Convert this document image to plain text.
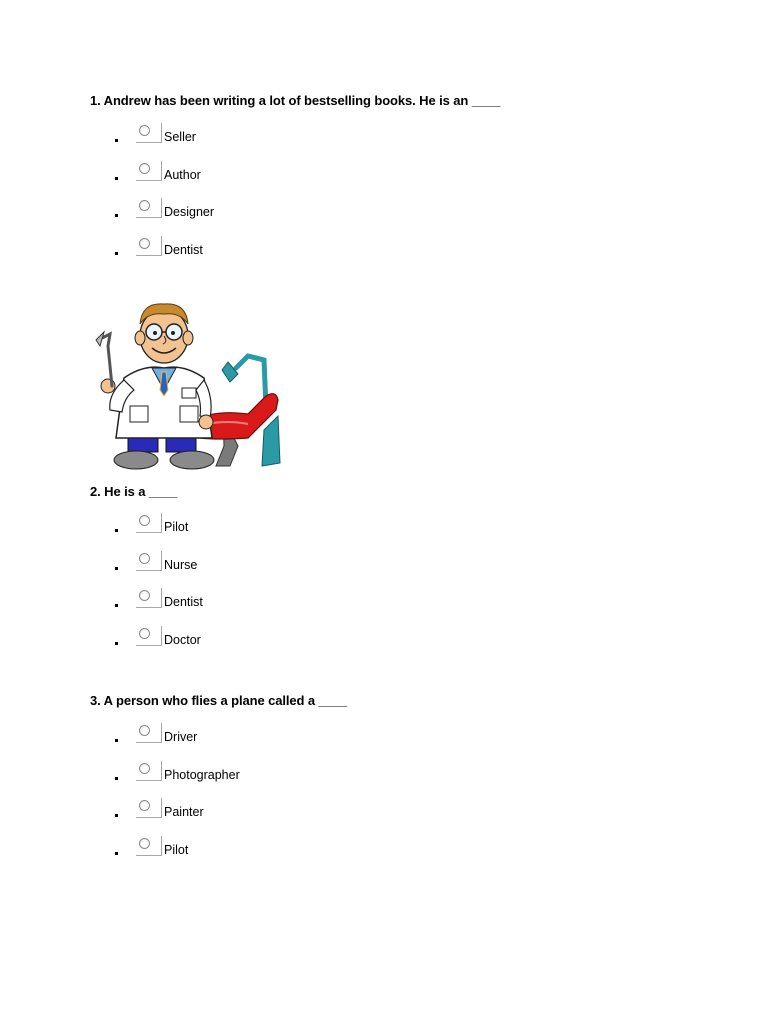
1. Andrew has been writing a lot of bestselling books. He is an ____

Seller
Author
Designer
Dentist

2. He is a ____

Pilot
Nurse
Dentist
Doctor

3. A person who flies a plane called a ____

Driver
Photographer
Painter
Pilot
